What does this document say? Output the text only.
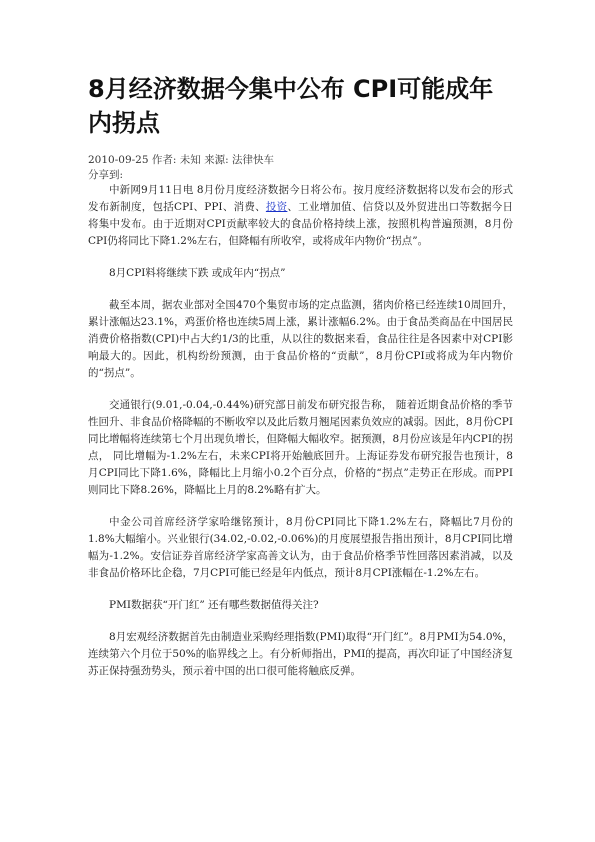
8月经济数据今集中公布 CPI可能成年内拐点
2010-09-25 作者: 未知 来源: 法律快车
分享到:

中新网9月11日电 8月份月度经济数据今日将公布。按月度经济数据将以发布会的形式发布新制度，包括CPI、PPI、消费、投资、工业增加值、信贷以及外贸进出口等数据今日将集中发布。由于近期对CPI贡献率较大的食品价格持续上涨，按照机构普遍预测，8月份CPI仍将同比下降1.2%左右，但降幅有所收窄，或将成年内物价“拐点”。

8月CPI料将继续下跌 或成年内“拐点”

截至本周，据农业部对全国470个集贸市场的定点监测，猪肉价格已经连续10周回升，累计涨幅达23.1%，鸡蛋价格也连续5周上涨，累计涨幅6.2%。由于食品类商品在中国居民消费价格指数(CPI)中占大约1/3的比重，从以往的数据来看，食品往往是各因素中对CPI影响最大的。因此，机构纷纷预测，由于食品价格的“贡献”，8月份CPI或将成为年内物价的“拐点”。

交通银行(9.01,-0.04,-0.44%)研究部日前发布研究报告称， 随着近期食品价格的季节性回升、非食品价格降幅的不断收窄以及此后数月翘尾因素负效应的减弱。因此，8月份CPI同比增幅将连续第七个月出现负增长，但降幅大幅收窄。据预测，8月份应该是年内CPI的拐点， 同比增幅为-1.2%左右，未来CPI将开始触底回升。上海证券发布研究报告也预计，8月CPI同比下降1.6%，降幅比上月缩小0.2个百分点，价格的“拐点”走势正在形成。而PPI则同比下降8.26%，降幅比上月的8.2%略有扩大。

中金公司首席经济学家哈继铭预计，8月份CPI同比下降1.2%左右，降幅比7月份的1.8%大幅缩小。兴业银行(34.02,-0.02,-0.06%)的月度展望报告指出预计，8月CPI同比增幅为-1.2%。安信证券首席经济学家高善文认为，由于食品价格季节性回落因素消减，以及非食品价格环比企稳，7月CPI可能已经是年内低点，预计8月CPI涨幅在-1.2%左右。

PMI数据获“开门红” 还有哪些数据值得关注?

8月宏观经济数据首先由制造业采购经理指数(PMI)取得“开门红”。8月PMI为54.0%，连续第六个月位于50%的临界线之上。有分析师指出，PMI的提高，再次印证了中国经济复苏正保持强劲势头，预示着中国的出口很可能将触底反弹。
